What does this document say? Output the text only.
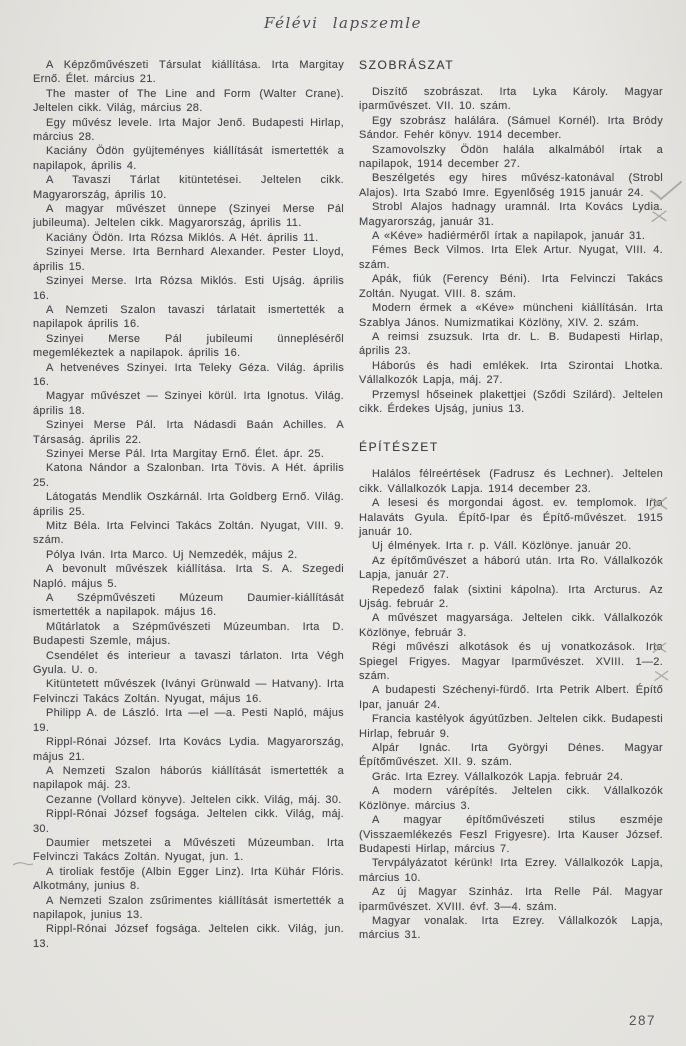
Félévi lapszemle

A Képzőművészeti Társulat kiállítása. Irta Margitay Ernő. Élet. március 21.

The master of The Line and Form (Walter Crane). Jeltelen cikk. Világ, március 28.

Egy művész levele. Irta Major Jenő. Budapesti Hirlap, március 28.

Kaciány Ödön gyüjteményes kiállítását ismertették a napilapok, április 4.

A Tavaszi Tárlat kitüntetései. Jeltelen cikk. Magyarország, április 10.

A magyar művészet ünnepe (Szinyei Merse Pál jubileuma). Jeltelen cikk. Magyarország, április 11.

Kaciány Ödön. Irta Rózsa Miklós. A Hét. április 11.

Szinyei Merse. Irta Bernhard Alexander. Pester Lloyd, április 15.

Szinyei Merse. Irta Rózsa Miklós. Esti Ujság. április 16.

A Nemzeti Szalon tavaszi tárlatait ismertették a napilapok április 16.

Szinyei Merse Pál jubileumi ünnepléséről megemlékeztek a napilapok. április 16.

A hetvenéves Szinyei. Irta Teleky Géza. Világ. április 16.

Magyar művészet — Szinyei körül. Irta Ignotus. Világ. április 18.

Szinyei Merse Pál. Irta Nádasdi Baán Achilles. A Társaság. április 22.

Szinyei Merse Pál. Irta Margitay Ernő. Élet. ápr. 25.

Katona Nándor a Szalonban. Irta Tövis. A Hét. április 25.

Látogatás Mendlik Oszkárnál. Irta Goldberg Ernő. Világ. április 25.

Mitz Béla. Irta Felvinci Takács Zoltán. Nyugat, VIII. 9. szám.

Pólya Iván. Irta Marco. Uj Nemzedék, május 2.

A bevonult művészek kiállítása. Irta S. A. Szegedi Napló. május 5.

A Szépművészeti Múzeum Daumier-kiállítását ismertették a napilapok. május 16.

Műtárlatok a Szépművészeti Múzeumban. Irta D. Budapesti Szemle, május.

Csendélet és interieur a tavaszi tárlaton. Irta Végh Gyula. U. o.

Kitüntetett művészek (Iványi Grünwald — Hatvany). Irta Felvinczi Takács Zoltán. Nyugat, május 16.

Philipp A. de László. Irta —el —a. Pesti Napló, május 19.

Rippl-Rónai József. Irta Kovács Lydia. Magyarország, május 21.

A Nemzeti Szalon háborús kiállítását ismertették a napilapok máj. 23.

Cezanne (Vollard könyve). Jeltelen cikk. Világ, máj. 30.

Rippl-Rónai József fogsága. Jeltelen cikk. Világ, máj. 30.

Daumier metszetei a Művészeti Múzeumban. Irta Felvinczi Takács Zoltán. Nyugat, jun. 1.

A tiroliak festője (Albin Egger Linz). Irta Kühár Flóris. Alkotmány, junius 8.

A Nemzeti Szalon zsűrimentes kiállítását ismertették a napilapok, junius 13.

Rippl-Rónai József fogsága. Jeltelen cikk. Világ, jun. 13.

SZOBRÁSZAT

Diszítő szobrászat. Irta Lyka Károly. Magyar iparművészet. VII. 10. szám.

Egy szobrász halálára. (Sámuel Kornél). Irta Bródy Sándor. Fehér könyv. 1914 december.

Szamovolszky Ödön halála alkalmából írtak a napilapok, 1914 december 27.

Beszélgetés egy hires művész-katonával (Strobl Alajos). Irta Szabó Imre. Egyenlőség 1915 január 24.

Strobl Alajos hadnagy uramnál. Irta Kovács Lydia. Magyarország, január 31.

A «Kéve» hadiérméről írtak a napilapok, január 31.

Fémes Beck Vilmos. Irta Elek Artur. Nyugat, VIII. 4. szám.

Apák, fiúk (Ferency Béni). Irta Felvinczi Takács Zoltán. Nyugat. VIII. 8. szám.

Modern érmek a «Kéve» müncheni kiállításán. Irta Szablya János. Numizmatikai Közlöny, XIV. 2. szám.

A reimsi zsuzsuk. Irta dr. L. B. Budapesti Hirlap, április 23.

Háborús és hadi emlékek. Irta Szirontai Lhotka. Vállalkozók Lapja, máj. 27.

Przemysl hőseinek plakettjei (Sződi Szilárd). Jeltelen cikk. Érdekes Ujság, junius 13.

ÉPÍTÉSZET

Halálos félreértések (Fadrusz és Lechner). Jeltelen cikk. Vállalkozók Lapja. 1914 december 23.

A lesesi és morgondai ágost. ev. templomok. Irta Halaváts Gyula. Építő-Ipar és Építő-művészet. 1915 január 10.

Uj élmények. Irta r. p. Váll. Közlönye. január 20.

Az építőművészet a háború után. Irta Ro. Vállalkozók Lapja, január 27.

Repedező falak (sixtini kápolna). Irta Arcturus. Az Ujság. február 2.

A művészet magyarsága. Jeltelen cikk. Vállalkozók Közlönye, február 3.

Régi művészi alkotások és uj vonatkozások. Irta Spiegel Frigyes. Magyar Iparművészet. XVIII. 1—2. szám.

A budapesti Széchenyi-fürdő. Irta Petrik Albert. Építő Ipar, január 24.

Francia kastélyok ágyútűzben. Jeltelen cikk. Budapesti Hirlap, február 9.

Alpár Ignác. Irta Györgyi Dénes. Magyar Építőművészet. XII. 9. szám.

Grác. Irta Ezrey. Vállalkozók Lapja. február 24.

A modern várépítés. Jeltelen cikk. Vállalkozók Közlönye. március 3.

A magyar építőművészeti stilus eszméje (Visszaemlékezés Feszl Frigyesre). Irta Kauser József. Budapesti Hirlap, március 7.

Tervpályázatot kérünk! Irta Ezrey. Vállalkozók Lapja, március 10.

Az új Magyar Szinház. Irta Relle Pál. Magyar iparművészet. XVIII. évf. 3—4. szám.

Magyar vonalak. Irta Ezrey. Vállalkozók Lapja, március 31.

287
